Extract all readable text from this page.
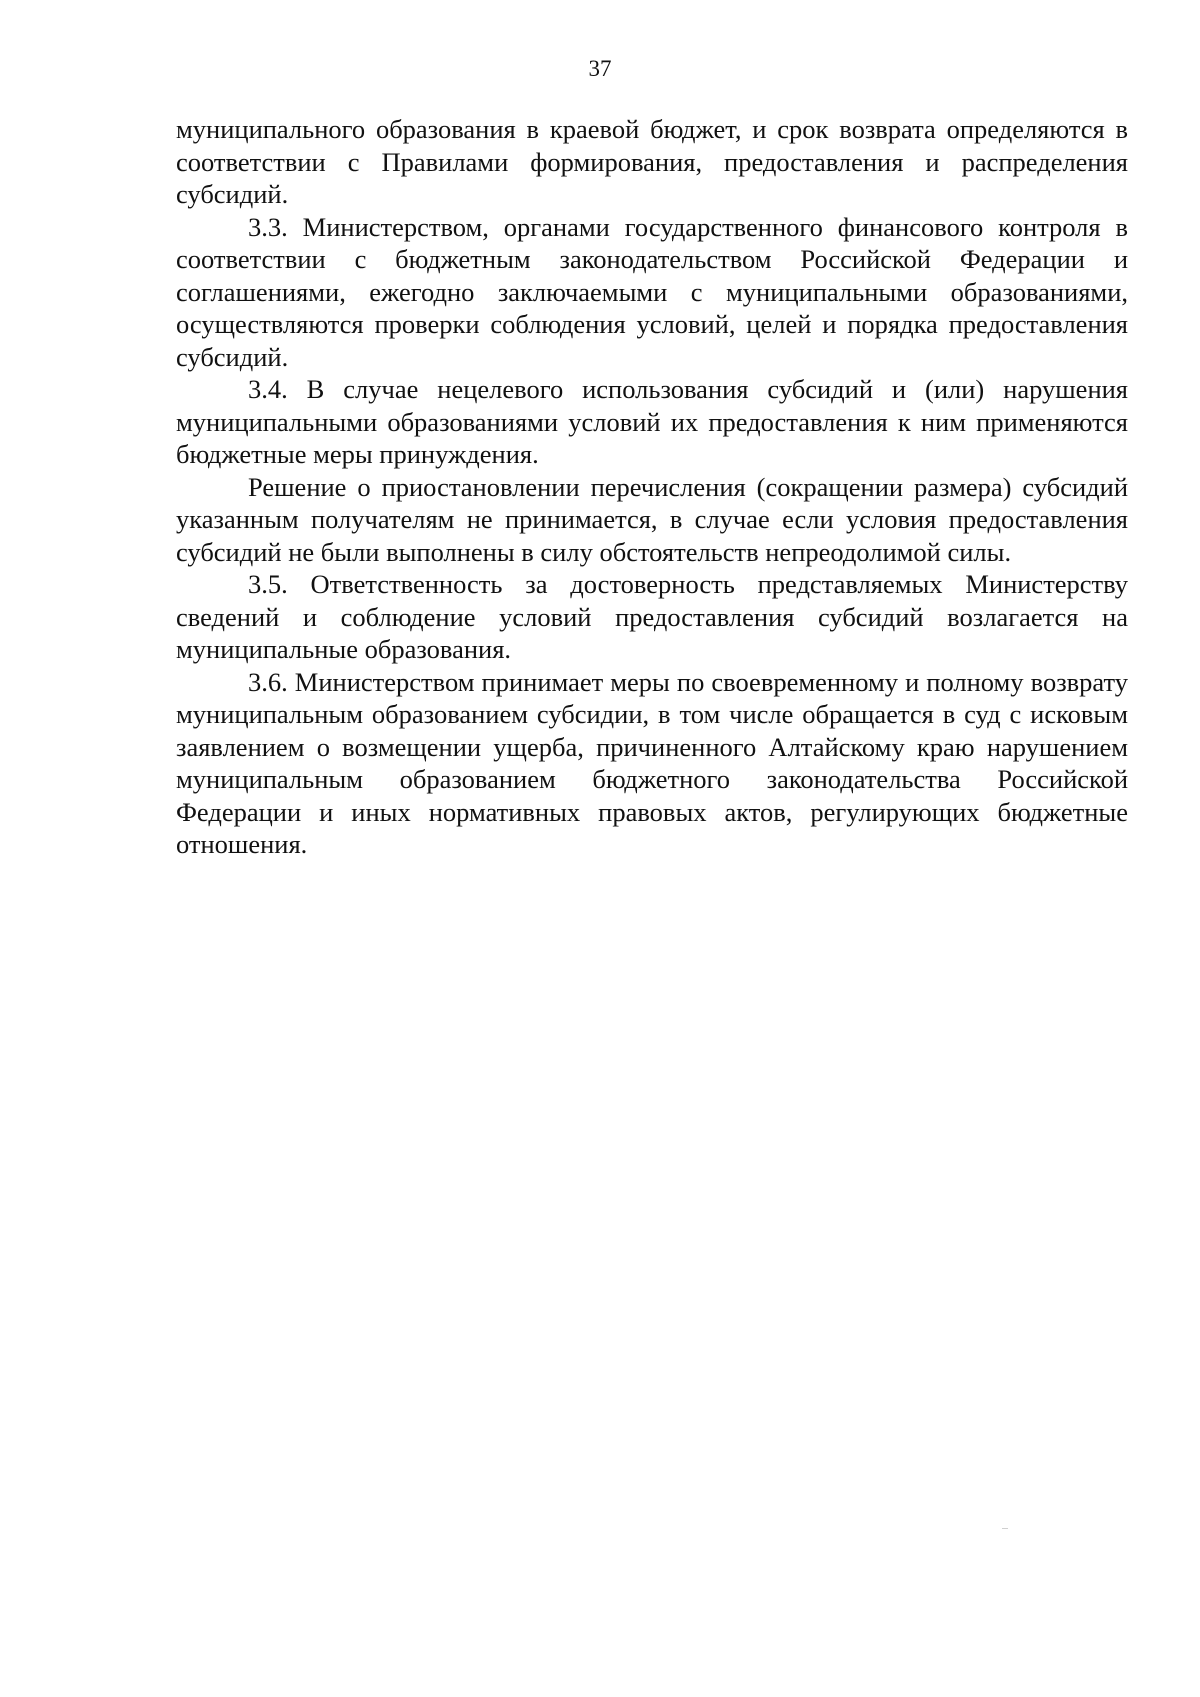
37

муниципального образования в краевой бюджет, и срок возврата определяются в соответствии с Правилами формирования, предоставления и распределения субсидий.

3.3. Министерством, органами государственного финансового контроля в соответствии с бюджетным законодательством Российской Федерации и соглашениями, ежегодно заключаемыми с муниципальными образованиями, осуществляются проверки соблюдения условий, целей и порядка предоставления субсидий.

3.4. В случае нецелевого использования субсидий и (или) нарушения муниципальными образованиями условий их предоставления к ним применяются бюджетные меры принуждения.

Решение о приостановлении перечисления (сокращении размера) субсидий указанным получателям не принимается, в случае если условия предоставления субсидий не были выполнены в силу обстоятельств непреодолимой силы.

3.5. Ответственность за достоверность представляемых Министерству сведений и соблюдение условий предоставления субсидий возлагается на муниципальные образования.

3.6. Министерством принимает меры по своевременному и полному возврату муниципальным образованием субсидии, в том числе обращается в суд с исковым заявлением о возмещении ущерба, причиненного Алтайскому краю нарушением муниципальным образованием бюджетного законодательства Российской Федерации и иных нормативных правовых актов, регулирующих бюджетные отношения.
